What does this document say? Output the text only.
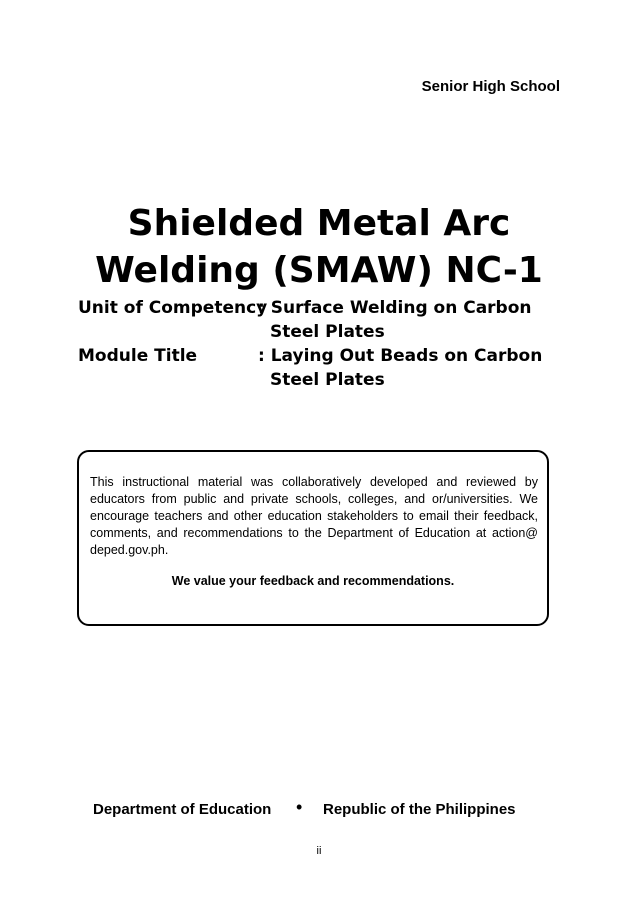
Senior High School
Shielded Metal Arc
Welding (SMAW) NC-1
Unit of Competency
: Surface Welding on Carbon
Steel Plates
Module Title	: Laying Out Beads on Carbon
Steel Plates
This instructional material was collaboratively developed and reviewed by educators from public and private schools, colleges, and or/universities. We encourage teachers and other education stakeholders to email their feedback, comments, and recommendations to the Department of Education at action@ deped.gov.ph.
We value your feedback and recommendations.
Department of Education • Republic of the Philippines
ii
